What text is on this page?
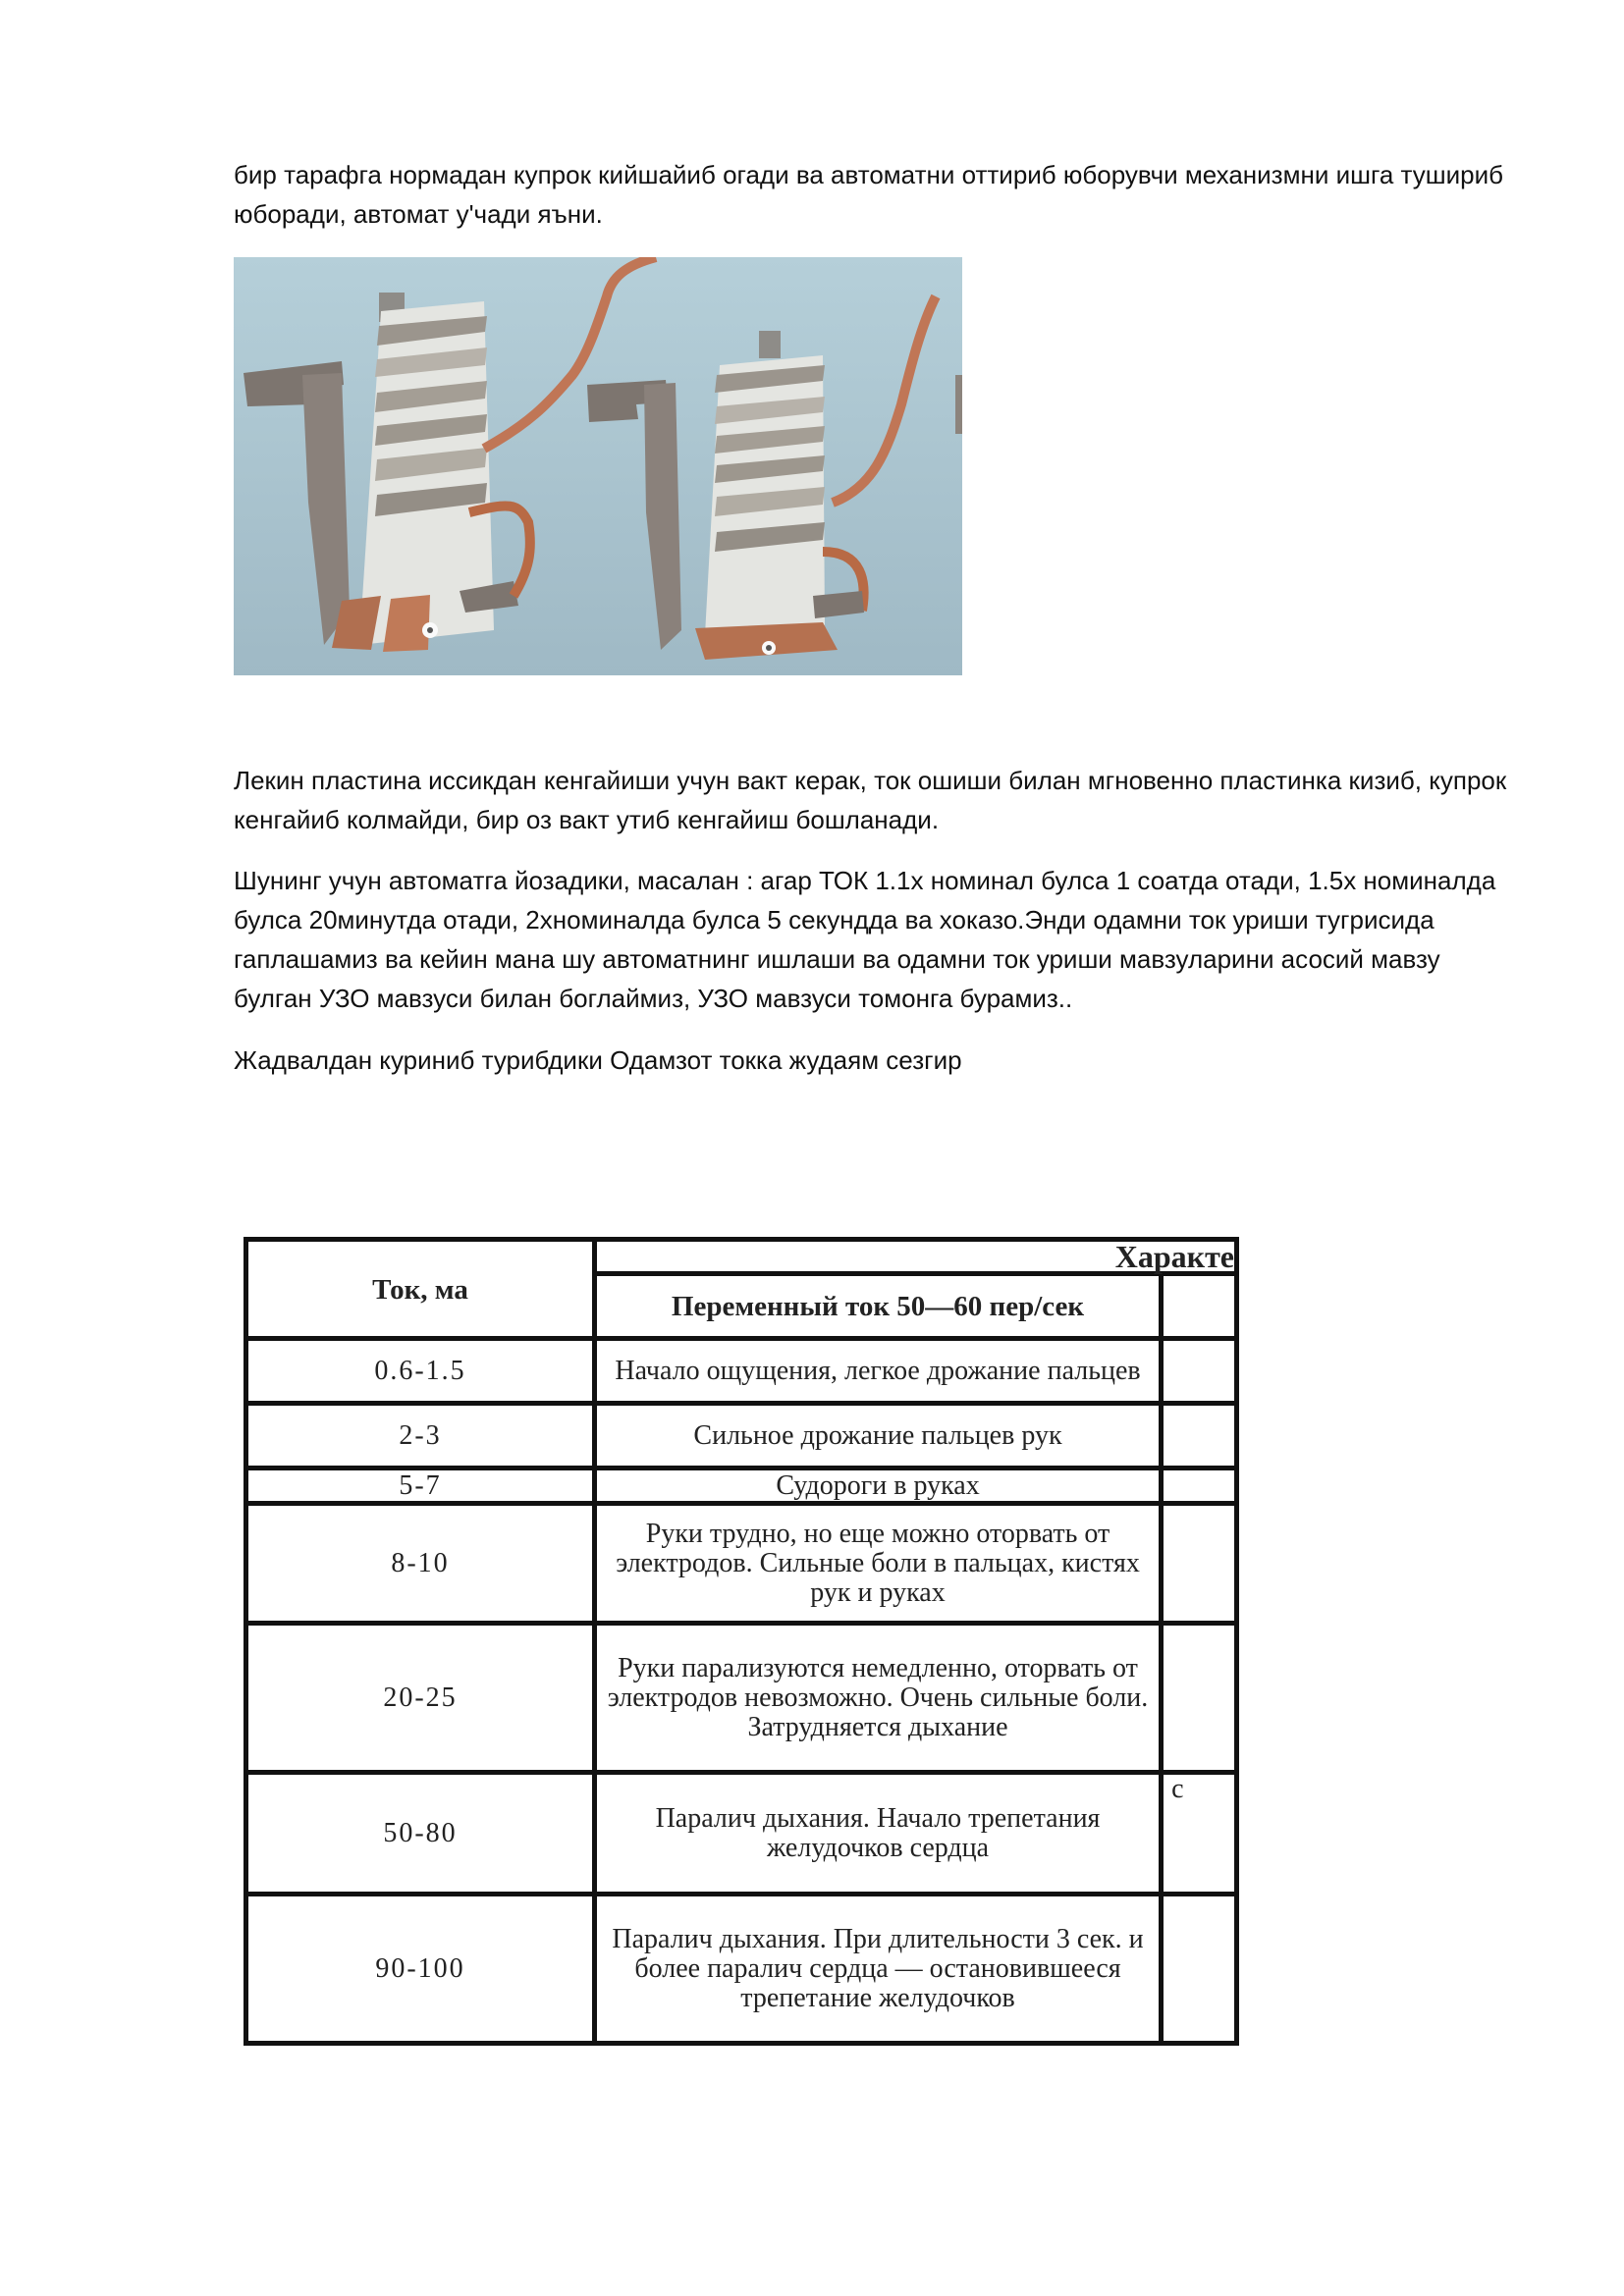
бир тарафга нормадан купрок кийшайиб огади ва автоматни оттириб юборувчи механизмни ишга тушириб юборади, автомат у'чади яъни.

Лекин пластина иссикдан кенгайиши учун вакт керак, ток ошиши билан мгновенно пластинка кизиб, купрок кенгайиб колмайди, бир оз вакт утиб кенгайиш бошланади.

Шунинг учун автоматга йозадики, масалан : агар ТОК 1.1х номинал булса 1 соатда отади, 1.5х номиналда булса 20минутда отади, 2хноминалда булса 5 секундда ва хоказо.Энди одамни ток уриши тугрисида гаплашамиз ва кейин мана шу автоматнинг ишлаши ва одамни ток уриши мавзуларини асосий мавзу булган УЗО мавзуси билан боглаймиз, УЗО мавзуси томонга бурамиз..

Жадвалдан куриниб турибдики Одамзот токка жудаям сезгир

Ток, ма	Характе	
	Переменный ток 50—60 пер/сек	
0.6-1.5	Начало ощущения, легкое дрожание пальцев	
2-3	Сильное дрожание пальцев рук	
5-7	Судороги в руках	
8-10	Руки трудно, но еще можно оторвать от электродов. Сильные боли в пальцах, кистях рук и руках	
20-25	Руки парализуются немедленно, оторвать от электродов невозможно. Очень сильные боли. Затрудняется дыхание	
50-80	Паралич дыхания. Начало трепетания желудочков сердца	с
90-100	Паралич дыхания. При длительности 3 сек. и более паралич сердца — остановившееся трепетание желудочков	
